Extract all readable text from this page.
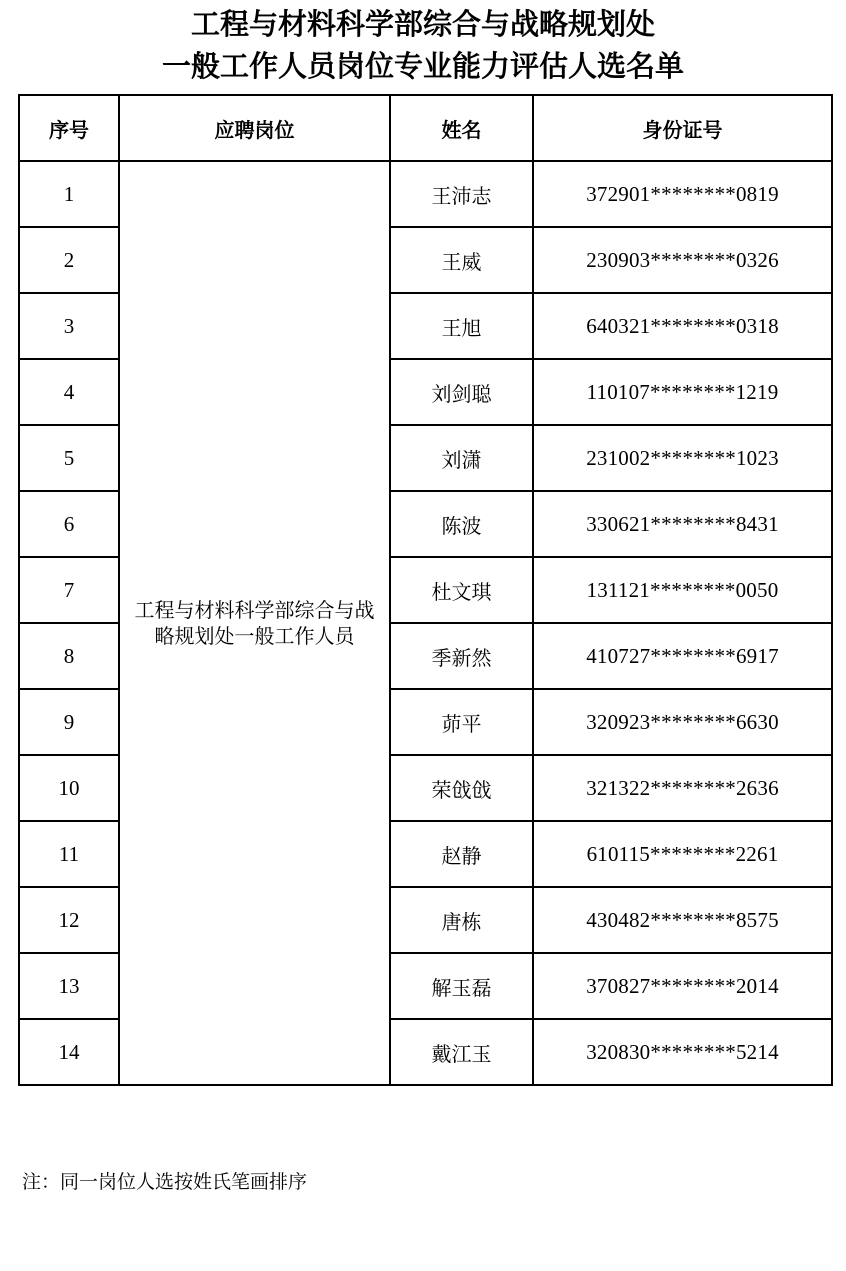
工程与材料科学部综合与战略规划处
一般工作人员岗位专业能力评估人选名单
序号	应聘岗位	姓名	身份证号
1	工程与材料科学部综合与战略规划处一般工作人员	王沛志	372901********0819
2		王威	230903********0326
3		王旭	640321********0318
4		刘剑聪	110107********1219
5		刘潇	231002********1023
6		陈波	330621********8431
7		杜文琪	131121********0050
8		季新然	410727********6917
9		茆平	320923********6630
10		荣戗戗	321322********2636
11		赵静	610115********2261
12		唐栋	430482********8575
13		解玉磊	370827********2014
14		戴江玉	320830********5214
注：同一岗位人选按姓氏笔画排序
